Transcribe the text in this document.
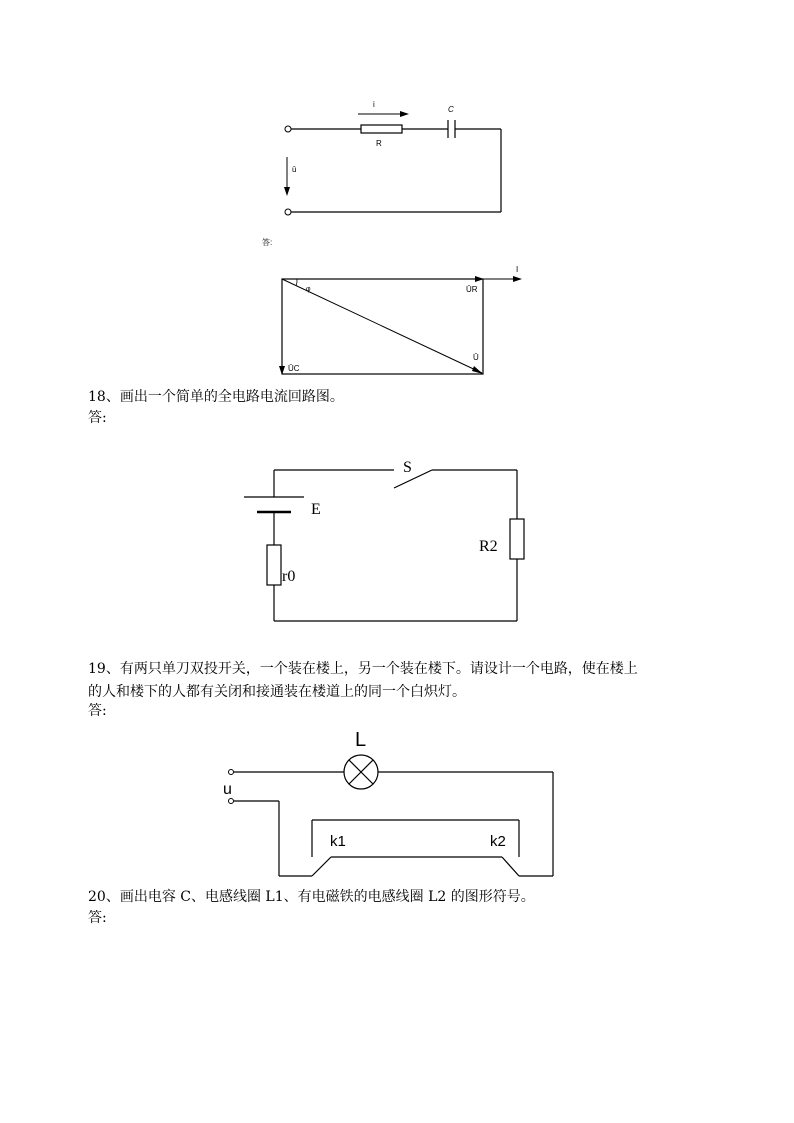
i
C
R
ū
答:
I
ŪR
Ū
ŪC
φ
18、画出一个简单的全电路电流回路图。
答:
S
E
r0
R2
19、有两只单刀双投开关，一个装在楼上，另一个装在楼下。请设计一个电路，使在楼上
的人和楼下的人都有关闭和接通装在楼道上的同一个白炽灯。
答:
L
u
k1	k2
20、画出电容 C、电感线圈 L1、有电磁铁的电感线圈 L2 的图形符号。
答:
